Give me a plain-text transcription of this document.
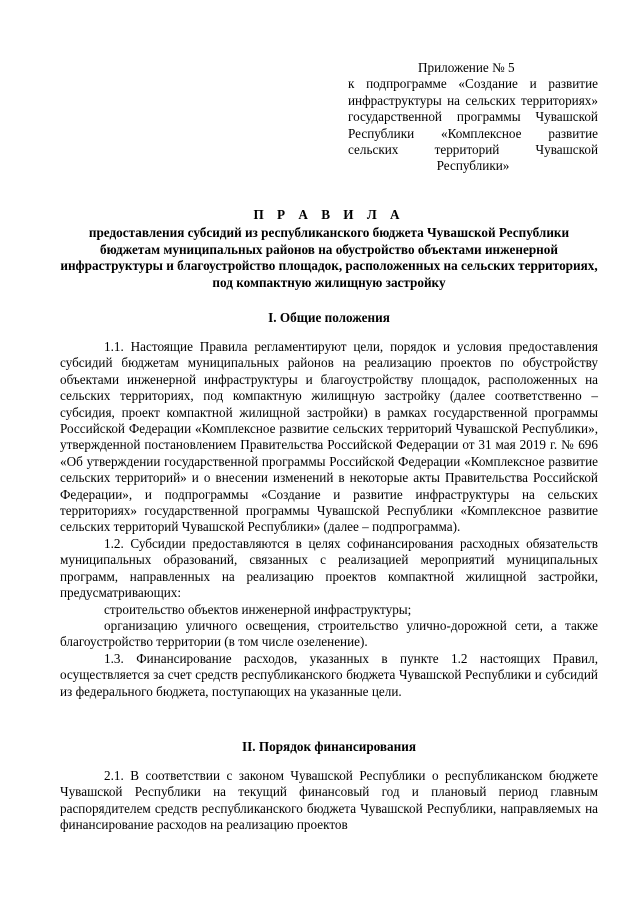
Приложение № 5
к подпрограмме «Создание и развитие инфраструктуры на сельских территориях» государственной программы Чувашской Республики «Комплексное развитие сельских территорий Чувашской
Республики»
П Р А В И Л А
предоставления субсидий из республиканского бюджета Чувашской Республики бюджетам муниципальных районов на обустройство объектами инженерной инфраструктуры и благоустройство площадок, расположенных на сельских территориях, под компактную жилищную застройку
I. Общие положения

1.1. Настоящие Правила регламентируют цели, порядок и условия предоставления субсидий бюджетам муниципальных районов на реализацию проектов по обустройству объектами инженерной инфраструктуры и благоустройству площадок, расположенных на сельских территориях, под компактную жилищную застройку (далее соответственно – субсидия, проект компактной жилищной застройки) в рамках государственной программы Российской Федерации «Комплексное развитие сельских территорий Чувашской Республики», утвержденной постановлением Правительства Российской Федерации от 31 мая 2019 г. № 696 «Об утверждении государственной программы Российской Федерации «Комплексное развитие сельских территорий» и о внесении изменений в некоторые акты Правительства Российской Федерации», и подпрограммы «Создание и развитие инфраструктуры на сельских территориях» государственной программы Чувашской Республики «Комплексное развитие сельских территорий Чувашской Республики» (далее – подпрограмма).

1.2. Субсидии предоставляются в целях софинансирования расходных обязательств муниципальных образований, связанных с реализацией мероприятий муниципальных программ, направленных на реализацию проектов компактной жилищной застройки, предусматривающих:

строительство объектов инженерной инфраструктуры;

организацию уличного освещения, строительство улично-дорожной сети, а также благоустройство территории (в том числе озеленение).

1.3. Финансирование расходов, указанных в пункте 1.2 настоящих Правил, осуществляется за счет средств республиканского бюджета Чувашской Республики и субсидий из федерального бюджета, поступающих на указанные цели.

II. Порядок финансирования

2.1. В соответствии с законом Чувашской Республики о республиканском бюджете Чувашской Республики на текущий финансовый год и плановый период главным распорядителем средств республиканского бюджета Чувашской Республики, направляемых на финансирование расходов на реализацию проектов
